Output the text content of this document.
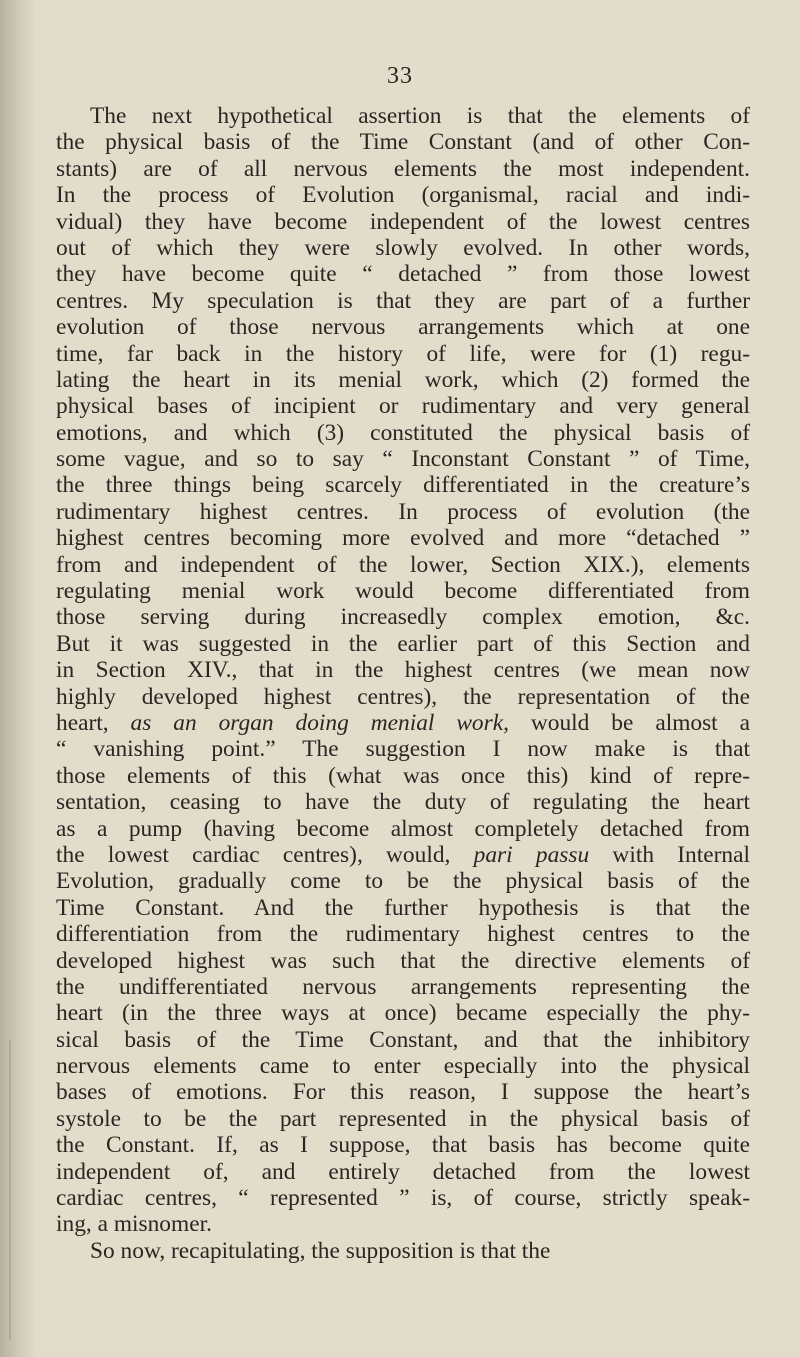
33
The next hypothetical assertion is that the elements of
the physical basis of the Time Constant (and of other Con-
stants) are of all nervous elements the most independent.
In the process of Evolution (organismal, racial and indi-
vidual) they have become independent of the lowest centres
out of which they were slowly evolved. In other words,
they have become quite “ detached ” from those lowest
centres. My speculation is that they are part of a further
evolution of those nervous arrangements which at one
time, far back in the history of life, were for (1) regu-
lating the heart in its menial work, which (2) formed the
physical bases of incipient or rudimentary and very general
emotions, and which (3) constituted the physical basis of
some vague, and so to say “ Inconstant Constant ” of Time,
the three things being scarcely differentiated in the creature’s
rudimentary highest centres. In process of evolution (the
highest centres becoming more evolved and more “detached ”
from and independent of the lower, Section XIX.), elements
regulating menial work would become differentiated from
those serving during increasedly complex emotion, &c.
But it was suggested in the earlier part of this Section and
in Section XIV., that in the highest centres (we mean now
highly developed highest centres), the representation of the
heart, as an organ doing menial work, would be almost a
“ vanishing point.” The suggestion I now make is that
those elements of this (what was once this) kind of repre-
sentation, ceasing to have the duty of regulating the heart
as a pump (having become almost completely detached from
the lowest cardiac centres), would, pari passu with Internal
Evolution, gradually come to be the physical basis of the
Time Constant. And the further hypothesis is that the
differentiation from the rudimentary highest centres to the
developed highest was such that the directive elements of
the undifferentiated nervous arrangements representing the
heart (in the three ways at once) became especially the phy-
sical basis of the Time Constant, and that the inhibitory
nervous elements came to enter especially into the physical
bases of emotions. For this reason, I suppose the heart’s
systole to be the part represented in the physical basis of
the Constant. If, as I suppose, that basis has become quite
independent of, and entirely detached from the lowest
cardiac centres, “ represented ” is, of course, strictly speak-
ing, a misnomer.
So now, recapitulating, the supposition is that the
